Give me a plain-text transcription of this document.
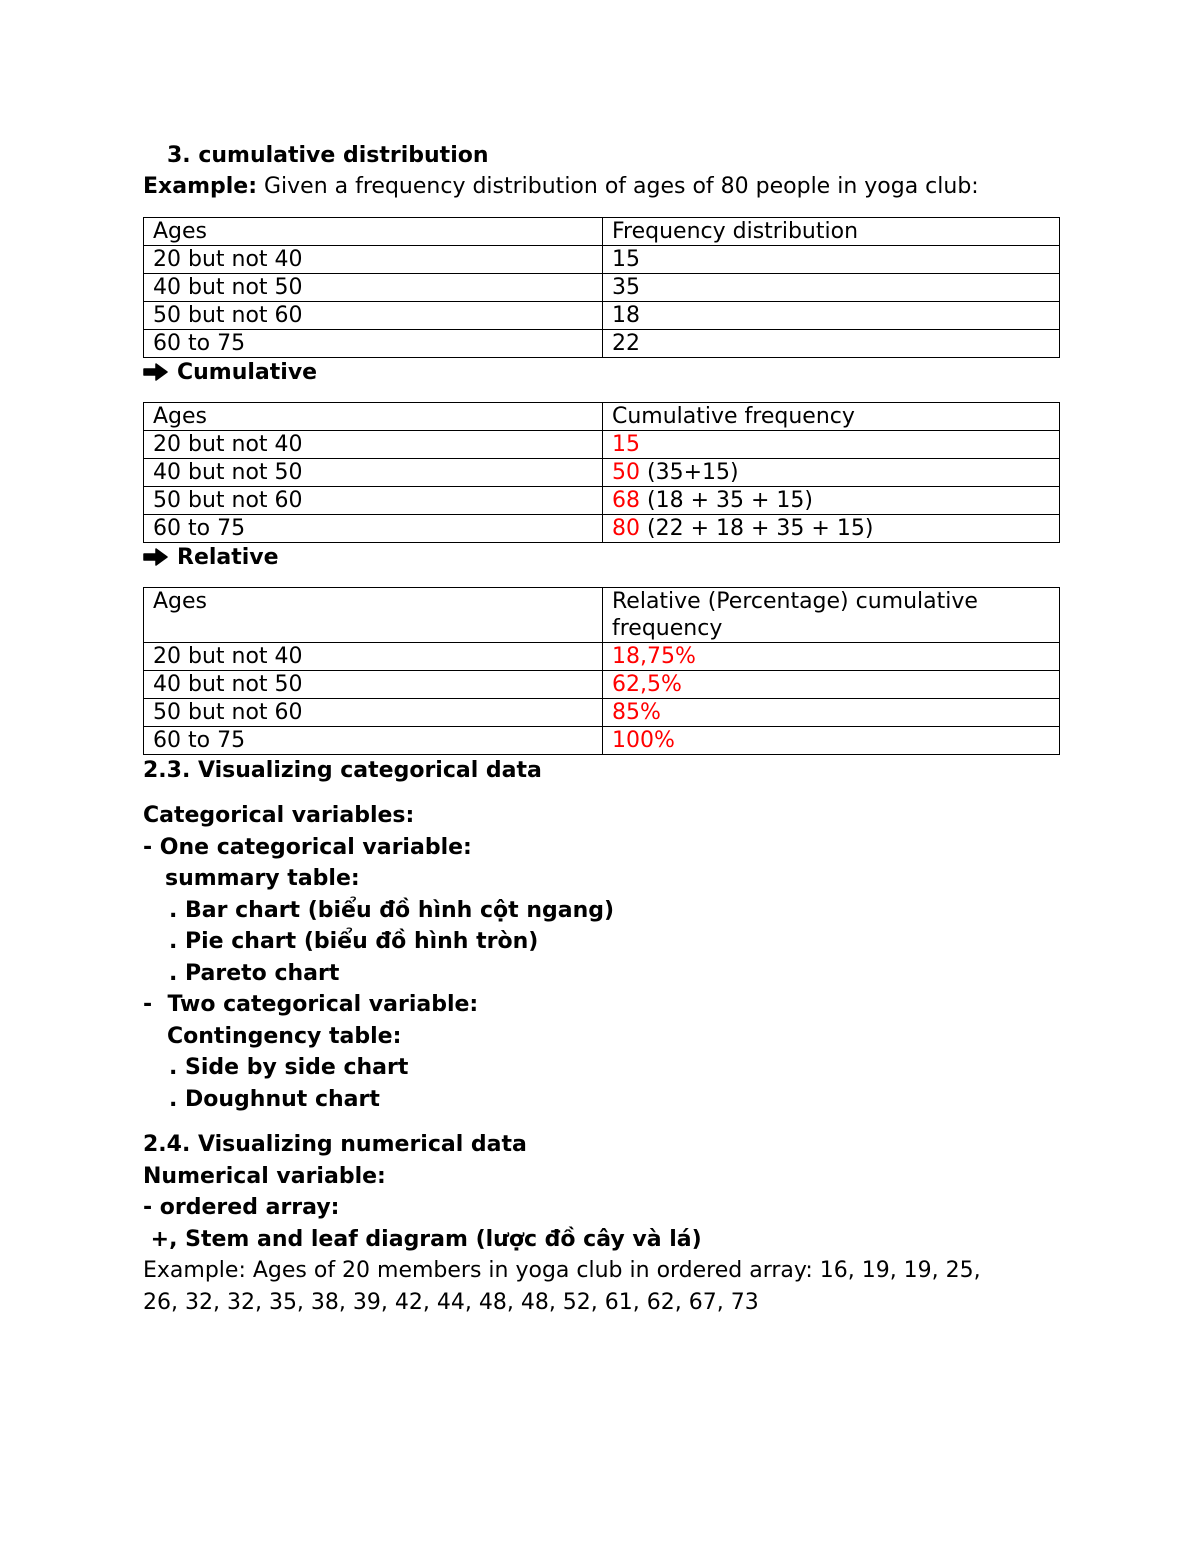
3. cumulative distribution
Example: Given a frequency distribution of ages of 80 people in yoga club:
Ages	Frequency distribution
20 but not 40	15
40 but not 50	35
50 but not 60	18
60 to 75	22
Cumulative
Ages	Cumulative frequency
20 but not 40	15
40 but not 50	50 (35+15)
50 but not 60	68 (18 + 35 + 15)
60 to 75	80 (22 + 18 + 35 + 15)
Relative
Ages	Relative (Percentage) cumulative frequency
20 but not 40	18,75%
40 but not 50	62,5%
50 but not 60	85%
60 to 75	100%
2.3. Visualizing categorical data
Categorical variables:
- One categorical variable:
summary table:
. Bar chart (biểu đồ hình cột ngang)
. Pie chart (biểu đồ hình tròn)
. Pareto chart
-  Two categorical variable:
Contingency table:
. Side by side chart
. Doughnut chart
2.4. Visualizing numerical data
Numerical variable:
- ordered array:
+, Stem and leaf diagram (lược đồ cây và lá)
Example: Ages of 20 members in yoga club in ordered array: 16, 19, 19, 25,
26, 32, 32, 35, 38, 39, 42, 44, 48, 48, 52, 61, 62, 67, 73
